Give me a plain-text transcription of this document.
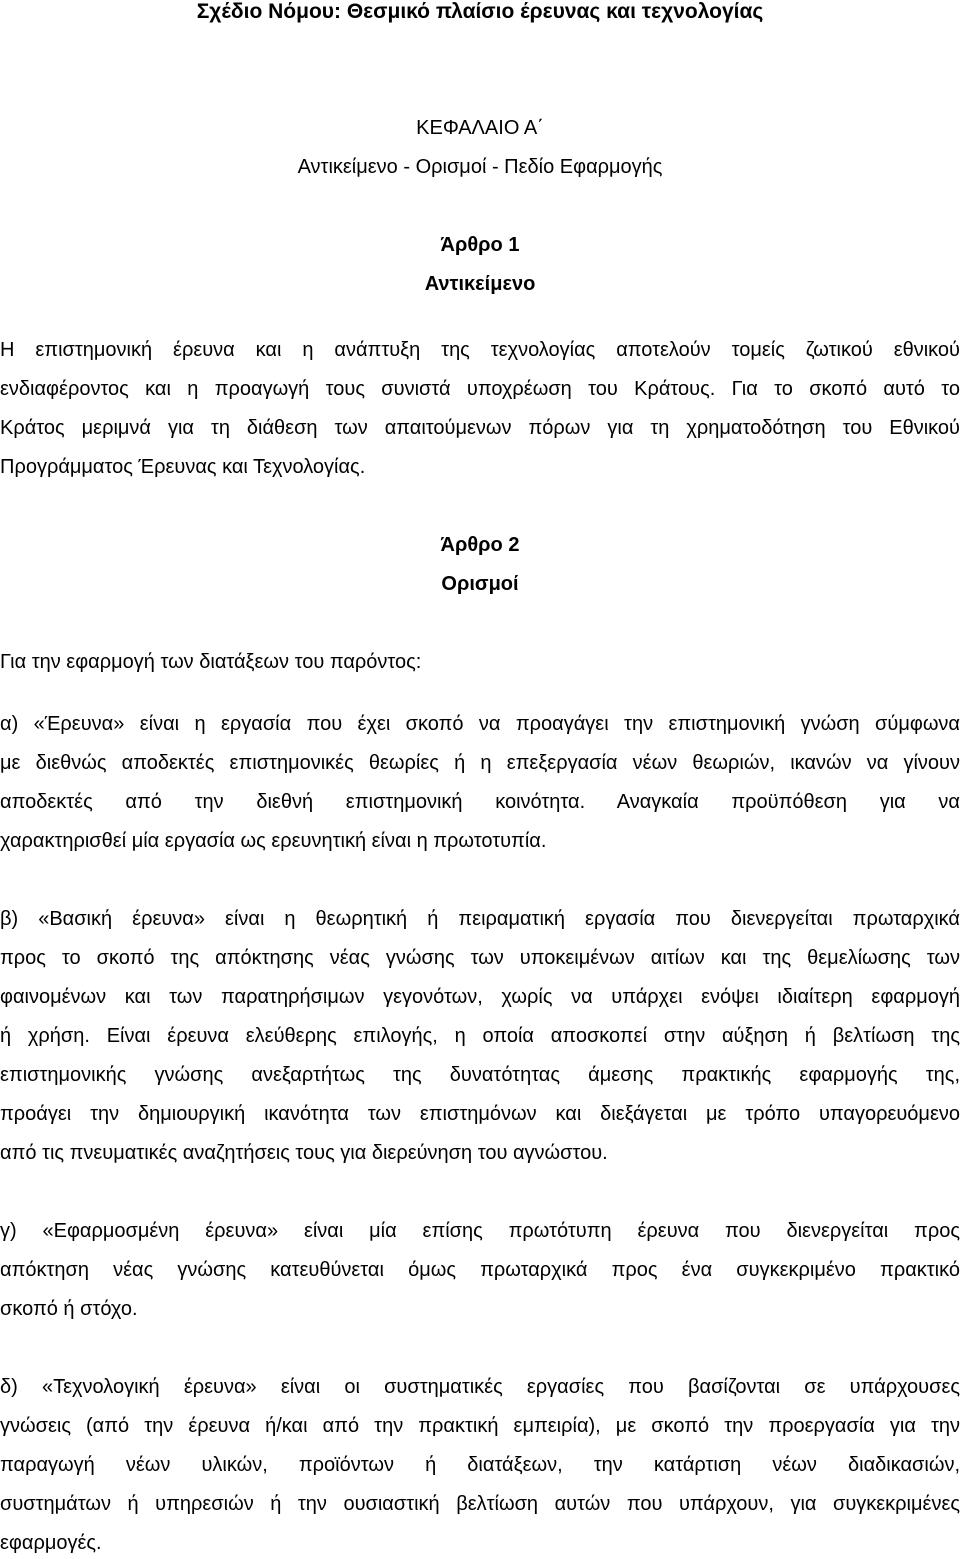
Σχέδιο Νόμου: Θεσμικό πλαίσιο έρευνας και τεχνολογίας
ΚΕΦΑΛΑΙΟ Α΄
Αντικείμενο - Ορισμοί - Πεδίο Εφαρμογής
Άρθρο 1
Αντικείμενο
Η επιστημονική έρευνα και η ανάπτυξη της τεχνολογίας αποτελούν τομείς ζωτικού εθνικού
ενδιαφέροντος και η προαγωγή τους συνιστά υποχρέωση του Κράτους. Για το σκοπό αυτό το
Κράτος μεριμνά για τη διάθεση των απαιτούμενων πόρων για τη χρηματοδότηση του Εθνικού
Προγράμματος Έρευνας και Τεχνολογίας.
Άρθρο 2
Ορισμοί
Για την εφαρμογή των διατάξεων του παρόντος:
α) «Έρευνα» είναι η εργασία που έχει σκοπό να προαγάγει την επιστημονική γνώση σύμφωνα
με διεθνώς αποδεκτές επιστημονικές θεωρίες ή η επεξεργασία νέων θεωριών, ικανών να γίνουν
αποδεκτές από την διεθνή επιστημονική κοινότητα. Αναγκαία προϋπόθεση για να
χαρακτηρισθεί μία εργασία ως ερευνητική είναι η πρωτοτυπία.
β) «Βασική έρευνα» είναι η θεωρητική ή πειραματική εργασία που διενεργείται πρωταρχικά
προς το σκοπό της απόκτησης νέας γνώσης των υποκειμένων αιτίων και της θεμελίωσης των
φαινομένων και των παρατηρήσιμων γεγονότων, χωρίς να υπάρχει ενόψει ιδιαίτερη εφαρμογή
ή χρήση. Είναι έρευνα ελεύθερης επιλογής, η οποία αποσκοπεί στην αύξηση ή βελτίωση της
επιστημονικής γνώσης ανεξαρτήτως της δυνατότητας άμεσης πρακτικής εφαρμογής της,
προάγει την δημιουργική ικανότητα των επιστημόνων και διεξάγεται με τρόπο υπαγορευόμενο
από τις πνευματικές αναζητήσεις τους για διερεύνηση του αγνώστου.
γ) «Εφαρμοσμένη έρευνα» είναι μία επίσης πρωτότυπη έρευνα που διενεργείται προς
απόκτηση νέας γνώσης κατευθύνεται όμως πρωταρχικά προς ένα συγκεκριμένο πρακτικό
σκοπό ή στόχο.
δ) «Τεχνολογική έρευνα» είναι οι συστηματικές εργασίες που βασίζονται σε υπάρχουσες
γνώσεις (από την έρευνα ή/και από την πρακτική εμπειρία), με σκοπό την προεργασία για την
παραγωγή νέων υλικών, προϊόντων ή διατάξεων, την κατάρτιση νέων διαδικασιών,
συστημάτων ή υπηρεσιών ή την ουσιαστική βελτίωση αυτών που υπάρχουν, για συγκεκριμένες
εφαρμογές.
